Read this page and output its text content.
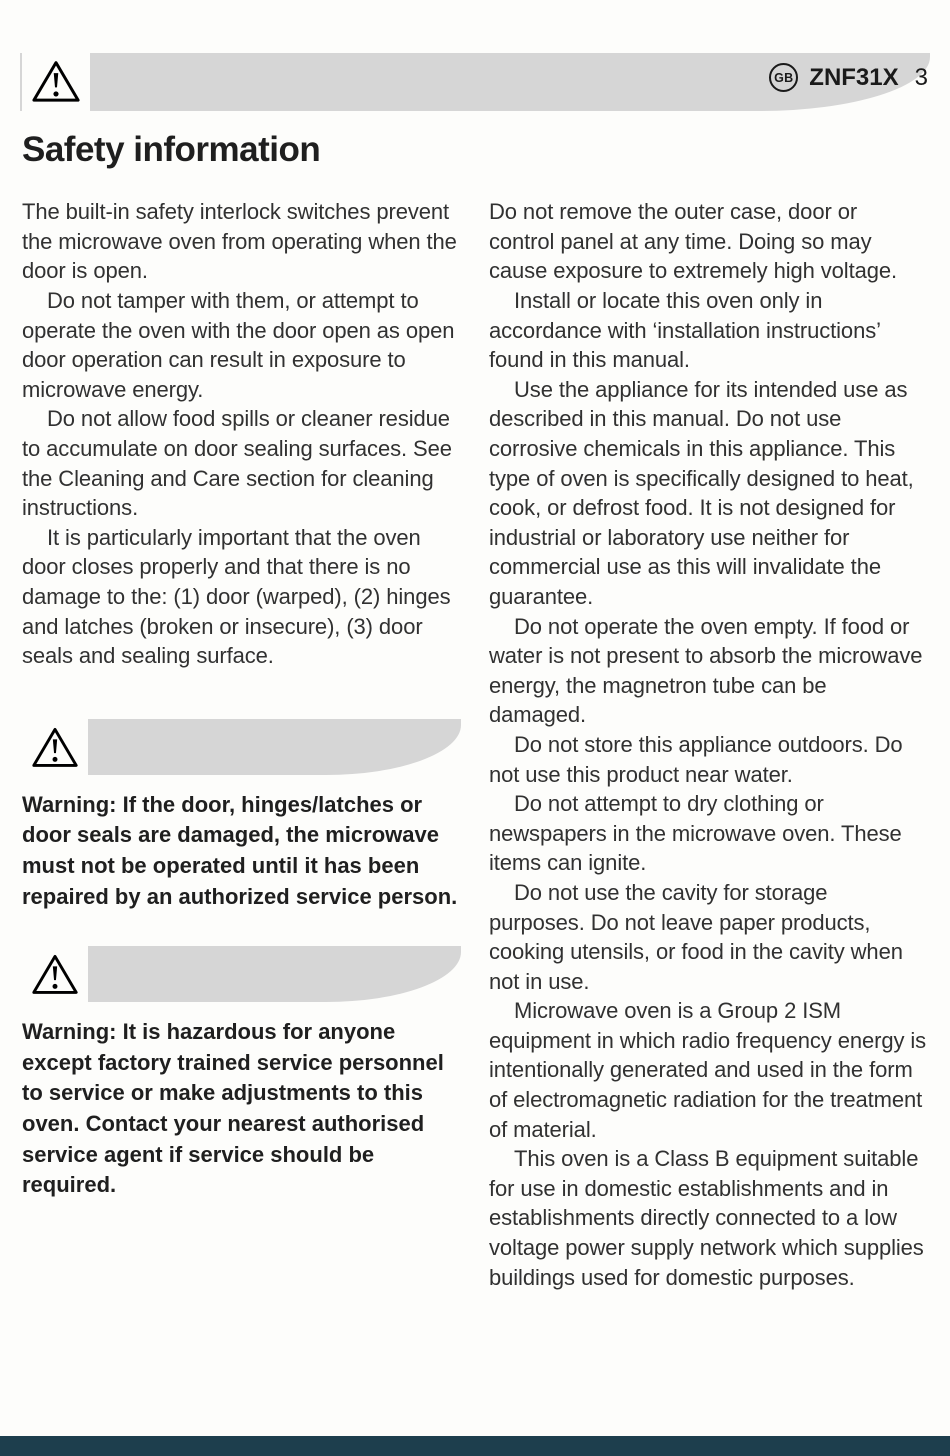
GB ZNF31X 3
Safety information

The built-in safety interlock switches prevent the microwave oven from operating when the door is open.

Do not tamper with them, or attempt to operate the oven with the door open as open door operation can result in exposure to microwave energy.

Do not allow food spills or cleaner residue to accumulate on door sealing surfaces. See the Cleaning and Care section for cleaning instructions.

It is particularly important that the oven door closes properly and that there is no damage to the: (1) door (warped), (2) hinges and latches (broken or insecure), (3) door seals and sealing surface.

Warning: If the door, hinges/latches or door seals are damaged, the microwave must not be operated until it has been repaired by an authorized service person.

Warning: It is hazardous for anyone except factory trained service personnel to service or make adjustments to this oven. Contact your nearest authorised service agent if service should be required.

Do not remove the outer case, door or control panel at any time. Doing so may cause exposure to extremely high voltage.

Install or locate this oven only in accordance with ‘installation instructions’ found in this manual.

Use the appliance for its intended use as described in this manual. Do not use corrosive chemicals in this appliance. This type of oven is specifically designed to heat, cook, or defrost food. It is not designed for industrial or laboratory use neither for commercial use as this will invalidate the guarantee.

Do not operate the oven empty. If food or water is not present to absorb the microwave energy, the magnetron tube can be damaged.

Do not store this appliance outdoors. Do not use this product near water.

Do not attempt to dry clothing or newspapers in the microwave oven. These items can ignite.

Do not use the cavity for storage purposes. Do not leave paper products, cooking utensils, or food in the cavity when not in use.

Microwave oven is a Group 2 ISM equipment in which radio frequency energy is intentionally generated and used in the form of electromagnetic radiation for the treatment of material.

This oven is a Class B equipment suitable for use in domestic establishments and in establishments directly connected to a low voltage power supply network which supplies buildings used for domestic purposes.
